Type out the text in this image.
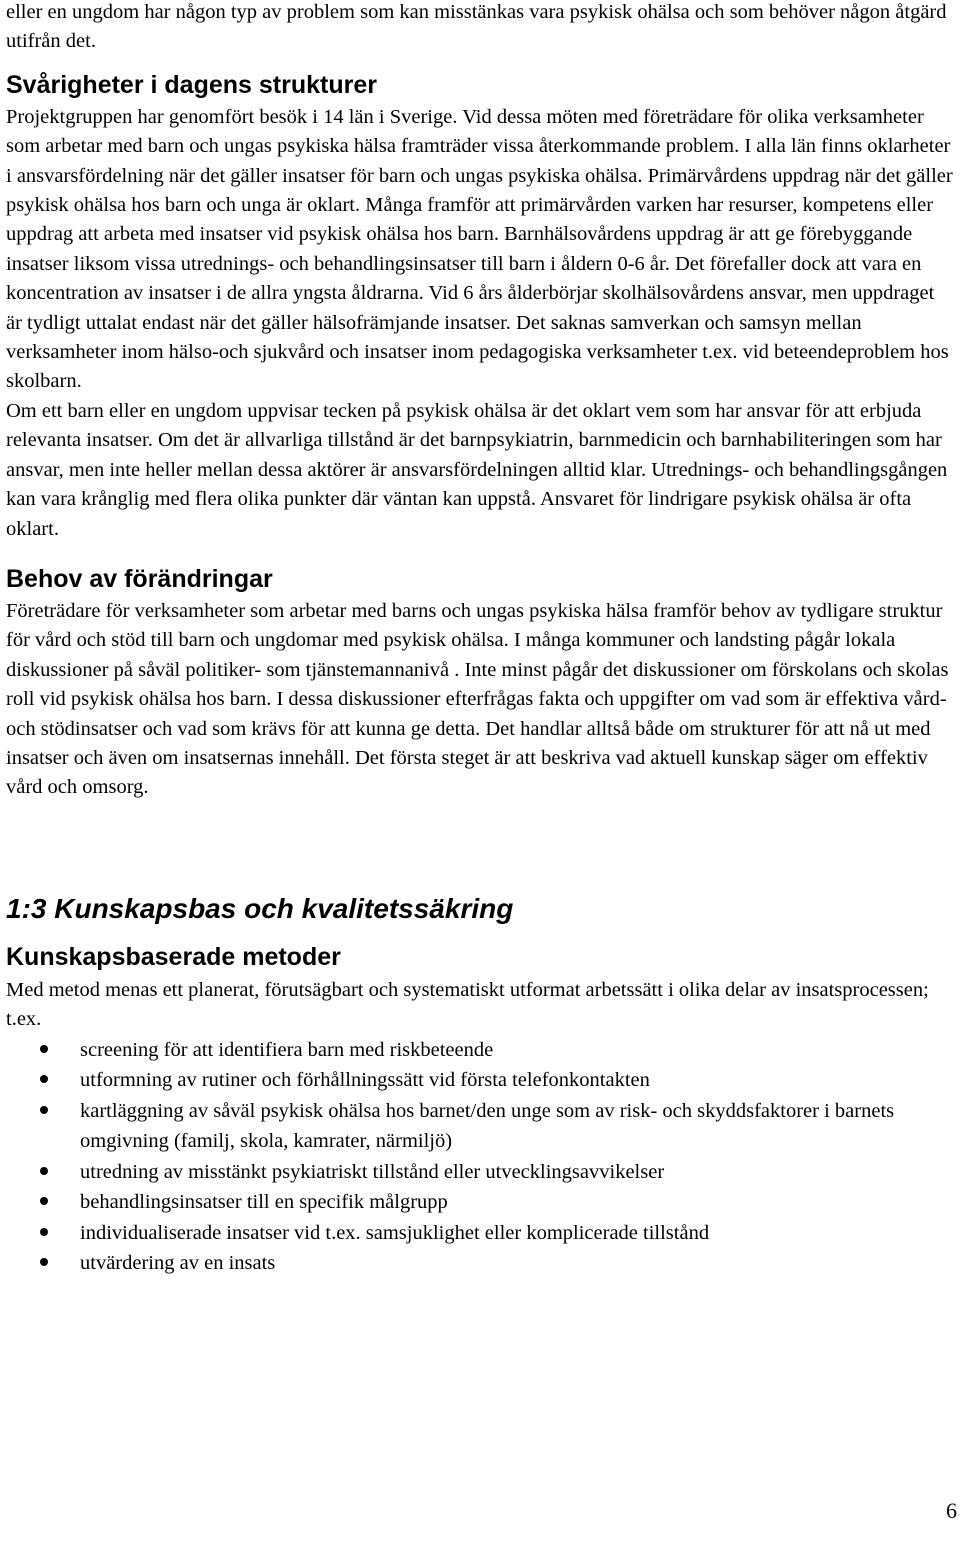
eller en ungdom har någon typ av problem som kan misstänkas vara psykisk ohälsa och som behöver någon åtgärd utifrån det.

Svårigheter i dagens strukturer

Projektgruppen har genomfört besök i 14 län i Sverige. Vid dessa möten med företrädare för olika verksamheter som arbetar med barn och ungas psykiska hälsa framträder vissa återkommande problem. I alla län finns oklarheter i ansvarsfördelning när det gäller insatser för barn och ungas psykiska ohälsa. Primärvårdens uppdrag när det gäller psykisk ohälsa hos barn och unga är oklart. Många framför att primärvården varken har resurser, kompetens eller uppdrag att arbeta med insatser vid psykisk ohälsa hos barn. Barnhälsovårdens uppdrag är att ge förebyggande insatser liksom vissa utrednings- och behandlingsinsatser till barn i åldern 0-6 år. Det förefaller dock att vara en koncentration av insatser i de allra yngsta åldrarna. Vid 6 års ålderbörjar skolhälsovårdens ansvar, men uppdraget är tydligt uttalat endast när det gäller hälsofrämjande insatser. Det saknas samverkan och samsyn mellan verksamheter inom hälso-och sjukvård och insatser inom pedagogiska verksamheter t.ex. vid beteendeproblem hos skolbarn.

Om ett barn eller en ungdom uppvisar tecken på psykisk ohälsa är det oklart vem som har ansvar för att erbjuda relevanta insatser. Om det är allvarliga tillstånd är det barnpsykiatrin, barnmedicin och barnhabiliteringen som har ansvar, men inte heller mellan dessa aktörer är ansvarsfördelningen alltid klar. Utrednings- och behandlingsgången kan vara krånglig med flera olika punkter där väntan kan uppstå. Ansvaret för lindrigare psykisk ohälsa är ofta oklart.

Behov av förändringar

Företrädare för verksamheter som arbetar med barns och ungas psykiska hälsa framför behov av tydligare struktur för vård och stöd till barn och ungdomar med psykisk ohälsa. I många kommuner och landsting pågår lokala diskussioner på såväl politiker- som tjänstemannanivå . Inte minst pågår det diskussioner om förskolans och skolas roll vid psykisk ohälsa hos barn. I dessa diskussioner efterfrågas fakta och uppgifter om vad som är effektiva vård- och stödinsatser och vad som krävs för att kunna ge detta. Det handlar alltså både om strukturer för att nå ut med insatser och även om insatsernas innehåll. Det första steget är att beskriva vad aktuell kunskap säger om effektiv vård och omsorg.

1:3 Kunskapsbas och kvalitetssäkring
Kunskapsbaserade metoder

Med metod menas ett planerat, förutsägbart och systematiskt utformat arbetssätt i olika delar av insatsprocessen; t.ex.

screening för att identifiera barn med riskbeteende
utformning av rutiner och förhållningssätt vid första telefonkontakten
kartläggning av såväl psykisk ohälsa hos barnet/den unge som av risk- och skyddsfaktorer i barnets omgivning (familj, skola, kamrater, närmiljö)
utredning av misstänkt psykiatriskt tillstånd eller utvecklingsavvikelser
behandlingsinsatser till en specifik målgrupp
individualiserade insatser vid t.ex. samsjuklighet eller komplicerade tillstånd
utvärdering av en insats
6
